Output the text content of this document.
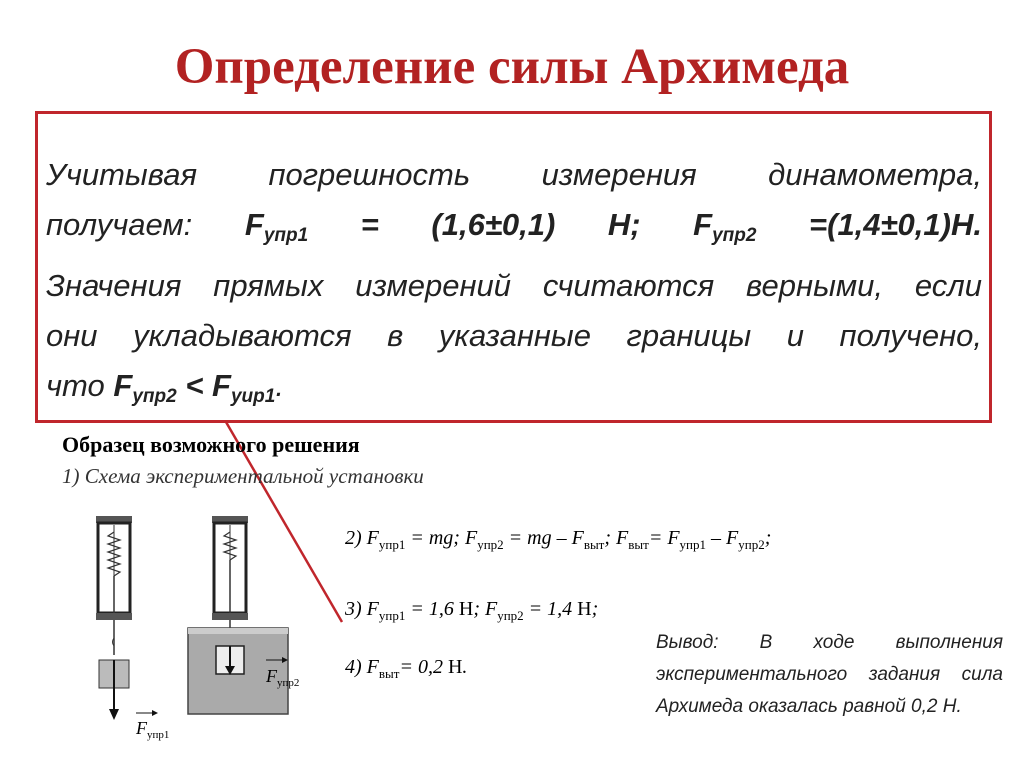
Определение силы Архимеда
Учитывая погрешность измерения динамометра,
получаем: $F_{упр1} = (1,6\pm 0,1)$ Н; $F_{упр2} =(1,4\pm 0,1)Н$.
Значения прямых измерений считаются верными, если
они укладываются в указанные границы и получено,
что $F_{упр2} < F_{уир1}$.
Образец возможного решения
1) Схема экспериментальной установки
$F_{упр1}$
$F_{упр2}$
2) $F_{упр1}$ = mg; $F_{упр2}$ = mg – $F_{выт}$; $F_{выт}= F_{упр1} - F_{упр2}$;
3) $F_{упр1} = 1,6$ Н; $F_{упр2} = 1,4$ Н;
4) $F_{выт}= 0,2$ Н.
Вывод: В ходе выполнения экспериментального задания сила Архимеда оказалась равной 0,2 Н.
